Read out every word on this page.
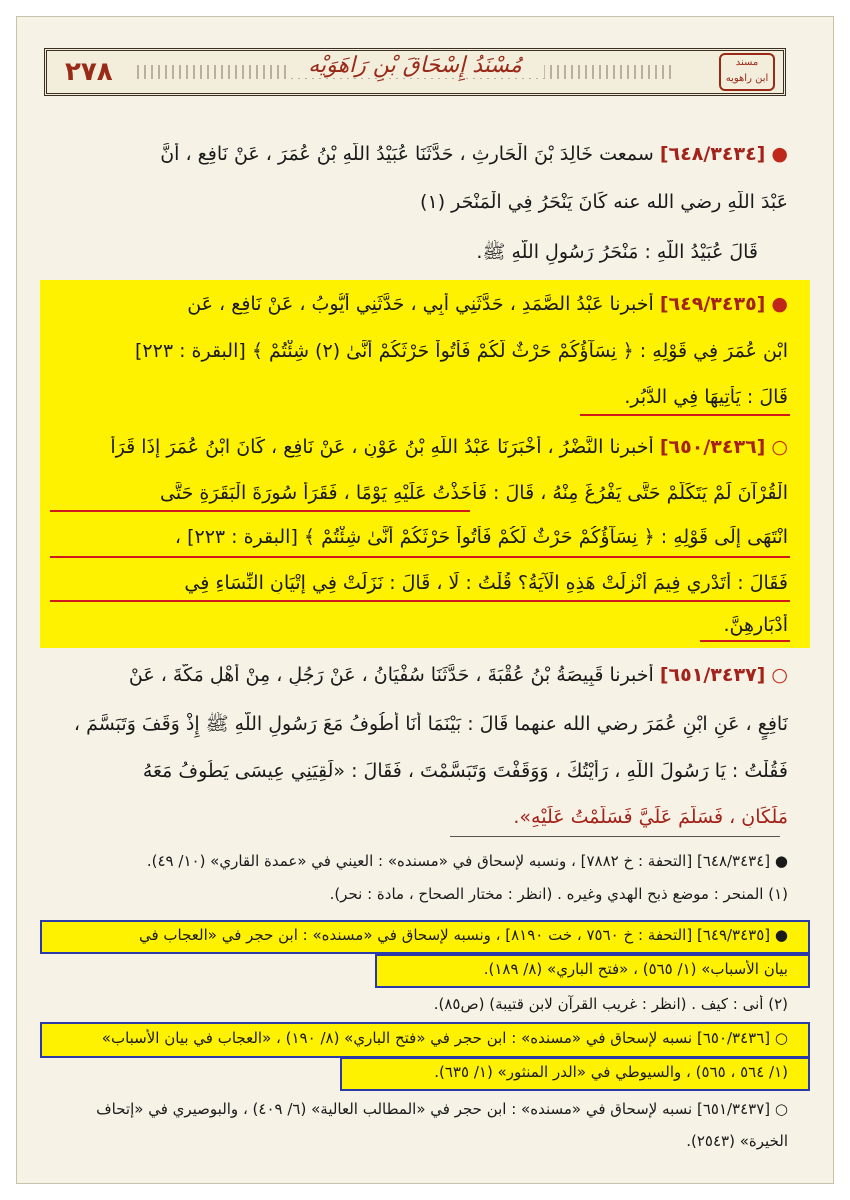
٢٧٨	مُسْنَدُ إِسْحَاقَ بْنِ رَاهَوَيْه	مسند
ابن راهويه
● [٦٤٨/٣٤٣٤] سمعت خَالِدَ بْنَ الْحَارِثِ ، حَدَّثَنَا عُبَيْدُ اللَّهِ بْنُ عُمَرَ ، عَنْ نَافِعٍ ، أَنَّ
عَبْدَ اللَّهِ رضي الله عنه كَانَ يَنْحَرُ فِي الْمَنْحَرِ (١)
قَالَ عُبَيْدُ اللَّهِ : مَنْحَرُ رَسُولِ اللَّهِ ﷺ.
● [٦٤٩/٣٤٣٥] أخبرنا عَبْدُ الصَّمَدِ ، حَدَّثَنِي أَبِي ، حَدَّثَنِي أَيُّوبُ ، عَنْ نَافِعٍ ، عَنِ
ابْنِ عُمَرَ فِي قَوْلِهِ : ﴿ نِسَآؤُكُمْ حَرْثٌ لَّكُمْ فَأْتُواْ حَرْثَكُمْ أَنَّىٰ (٢) شِئْتُمْ ﴾ [البقرة : ٢٢٣]
قَالَ : يَأْتِيهَا فِي الدُّبُرِ.
○ [٦٥٠/٣٤٣٦] أخبرنا النَّضْرُ ، أَخْبَرَنَا عَبْدُ اللَّهِ بْنُ عَوْنٍ ، عَنْ نَافِعٍ ، كَانَ ابْنُ عُمَرَ إِذَا قَرَأَ
الْقُرْآنَ لَمْ يَتَكَلَّمْ حَتَّى يَفْرُغَ مِنْهُ ، قَالَ : فَأَخَذْتُ عَلَيْهِ يَوْمًا ، فَقَرَأَ سُورَةَ الْبَقَرَةِ حَتَّى
انْتَهَى إِلَى قَوْلِهِ : ﴿ نِسَآؤُكُمْ حَرْثٌ لَّكُمْ فَأْتُواْ حَرْثَكُمْ أَنَّىٰ شِئْتُمْ ﴾ [البقرة : ٢٢٣] ،
فَقَالَ : أَتَدْرِي فِيمَ أُنْزِلَتْ هَذِهِ الْآيَةُ؟ قُلْتُ : لَا ، قَالَ : نَزَلَتْ فِي إِتْيَانِ النِّسَاءِ فِي
أَدْبَارِهِنَّ.
○ [٦٥١/٣٤٣٧] أخبرنا قَبِيصَةُ بْنُ عُقْبَةَ ، حَدَّثَنَا سُفْيَانُ ، عَنْ رَجُلٍ ، مِنْ أَهْلِ مَكَّةَ ، عَنْ
نَافِعٍ ، عَنِ ابْنِ عُمَرَ رضي الله عنهما قَالَ : بَيْنَمَا أَنَا أَطُوفُ مَعَ رَسُولِ اللَّهِ ﷺ إِذْ وَقَفَ وَتَبَسَّمَ ،
فَقُلْتُ : يَا رَسُولَ اللَّهِ ، رَأَيْتُكَ ، وَوَقَفْتَ وَتَبَسَّمْتَ ، فَقَالَ : «لَقِيَنِي عِيسَى يَطُوفُ مَعَهُ
مَلَكَانِ ، فَسَلَّمَ عَلَيَّ فَسَلَّمْتُ عَلَيْهِ».
● [٦٤٨/٣٤٣٤] [التحفة : خ ٧٨٨٢] ، ونسبه لإسحاق في «مسنده» : العيني في «عمدة القاري» (١٠/ ٤٩).
(١) المنحر : موضع ذبح الهدي وغيره . (انظر : مختار الصحاح ، مادة : نحر).
● [٦٤٩/٣٤٣٥] [التحفة : خ ٧٥٦٠ ، خت ٨١٩٠] ، ونسبه لإسحاق في «مسنده» : ابن حجر في «العجاب في
بيان الأسباب» (١/ ٥٦٥) ، «فتح الباري» (٨/ ١٨٩).
(٢) أنى : كيف . (انظر : غريب القرآن لابن قتيبة) (ص٨٥).
○ [٦٥٠/٣٤٣٦] نسبه لإسحاق في «مسنده» : ابن حجر في «فتح الباري» (٨/ ١٩٠) ، «العجاب في بيان الأسباب»
(١/ ٥٦٤ ، ٥٦٥) ، والسيوطي في «الدر المنثور» (١/ ٦٣٥).
○ [٦٥١/٣٤٣٧] نسبه لإسحاق في «مسنده» : ابن حجر في «المطالب العالية» (٦/ ٤٠٩) ، والبوصيري في «إتحاف
الخيرة» (٢٥٤٣).
